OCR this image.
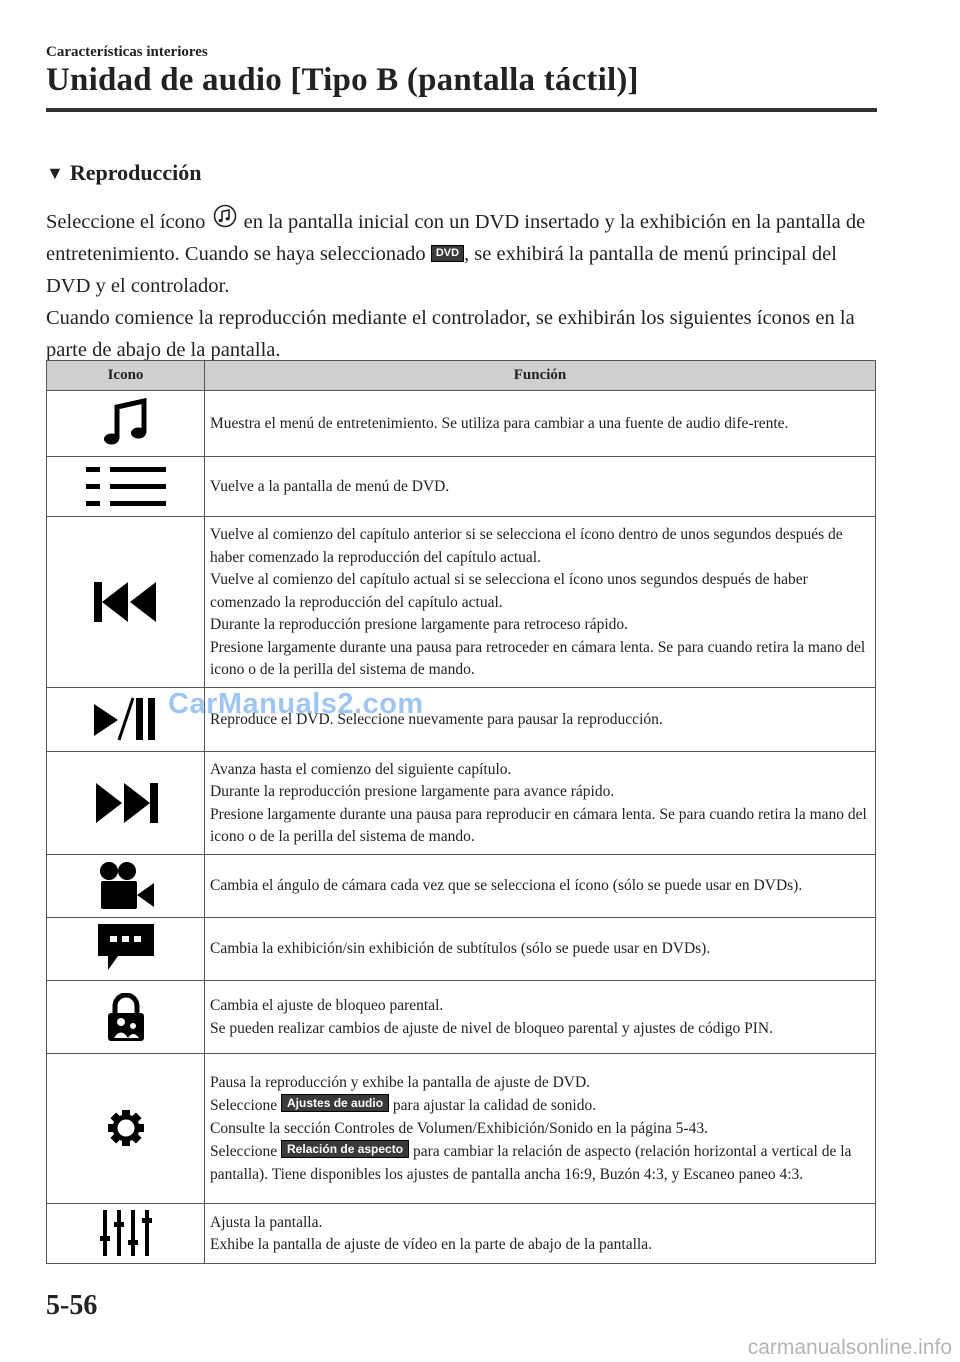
Características interiores
Unidad de audio [Tipo B (pantalla táctil)]
▼ Reproducción
Seleccione el ícono en la pantalla inicial con un DVD insertado y la exhibición en la pantalla de entretenimiento. Cuando se haya seleccionado DVD , se exhibirá la pantalla de menú principal del DVD y el controlador.
Cuando comience la reproducción mediante el controlador, se exhibirán los siguientes íconos en la parte de abajo de la pantalla.
Icono	Función

Muestra el menú de entretenimiento. Se utiliza para cambiar a una fuente de audio dife-rente.

Vuelve a la pantalla de menú de DVD.

Vuelve al comienzo del capítulo anterior si se selecciona el ícono dentro de unos segundos después de haber comenzado la reproducción del capítulo actual.
Vuelve al comienzo del capítulo actual si se selecciona el ícono unos segundos después de haber comenzado la reproducción del capítulo actual.
Durante la reproducción presione largamente para retroceso rápido.
Presione largamente durante una pausa para retroceder en cámara lenta. Se para cuando retira la mano del icono o de la perilla del sistema de mando.

Reproduce el DVD. Seleccione nuevamente para pausar la reproducción.

Avanza hasta el comienzo del siguiente capítulo.
Durante la reproducción presione largamente para avance rápido.
Presione largamente durante una pausa para reproducir en cámara lenta. Se para cuando retira la mano del icono o de la perilla del sistema de mando.

Cambia el ángulo de cámara cada vez que se selecciona el ícono (sólo se puede usar en DVDs).

Cambia la exhibición/sin exhibición de subtítulos (sólo se puede usar en DVDs).

Cambia el ajuste de bloqueo parental.
Se pueden realizar cambios de ajuste de nivel de bloqueo parental y ajustes de código PIN.

Pausa la reproducción y exhibe la pantalla de ajuste de DVD.
Seleccione Ajustes de audio para ajustar la calidad de sonido.
Consulte la sección Controles de Volumen/Exhibición/Sonido en la página 5-43.
Seleccione Relación de aspecto para cambiar la relación de aspecto (relación horizontal a vertical de la pantalla). Tiene disponibles los ajustes de pantalla ancha 16:9, Buzón 4:3, y Escaneo paneo 4:3.

Ajusta la pantalla.
Exhibe la pantalla de ajuste de vídeo en la parte de abajo de la pantalla.
CarManuals2.com
5-56
carmanualsonline.info
